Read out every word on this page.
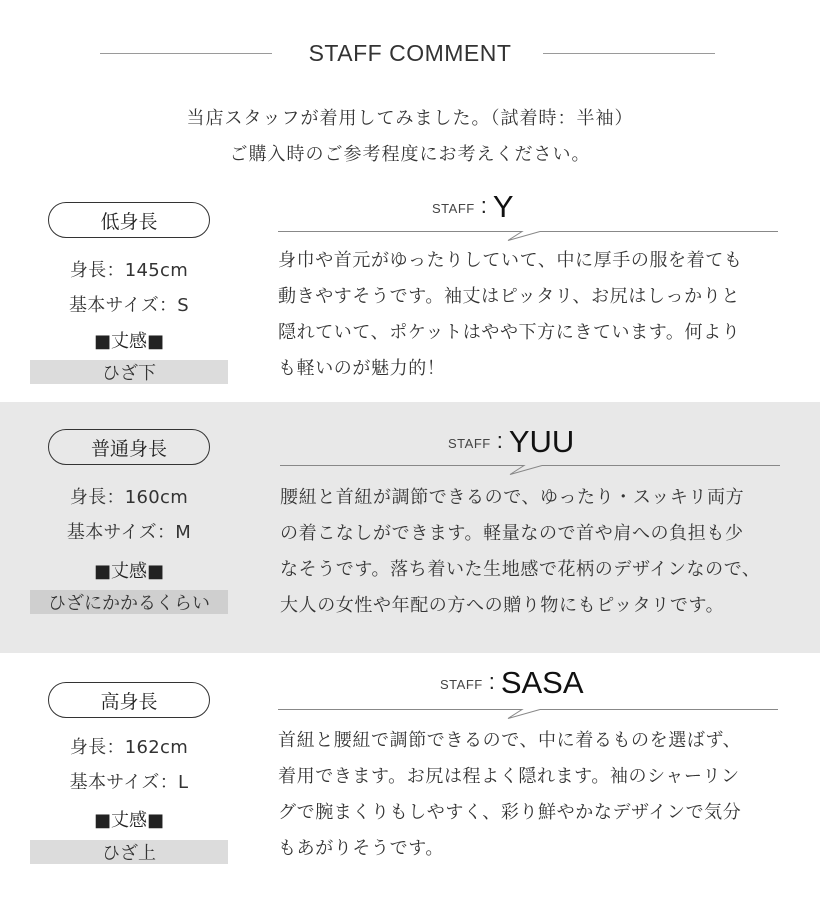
STAFF COMMENT
当店スタッフが着用してみました。（試着時：半袖）
ご購入時のご参考程度にお考えください。
低身長
身長：145cm
基本サイズ：S
■丈感■
ひざ下
STAFF : Y
身巾や首元がゆったりしていて、中に厚手の服を着ても
動きやすそうです。袖丈はピッタリ、お尻はしっかりと
隠れていて、ポケットはやや下方にきています。何より
も軽いのが魅力的！
普通身長
身長：160cm
基本サイズ：M
■丈感■
ひざにかかるくらい
STAFF : YUU
腰紐と首紐が調節できるので、ゆったり・スッキリ両方
の着こなしができます。軽量なので首や肩への負担も少
なそうです。落ち着いた生地感で花柄のデザインなので、
大人の女性や年配の方への贈り物にもピッタリです。
高身長
身長：162cm
基本サイズ：L
■丈感■
ひざ上
STAFF : SASA
首紐と腰紐で調節できるので、中に着るものを選ばず、
着用できます。お尻は程よく隠れます。袖のシャーリン
グで腕まくりもしやすく、彩り鮮やかなデザインで気分
もあがりそうです。
